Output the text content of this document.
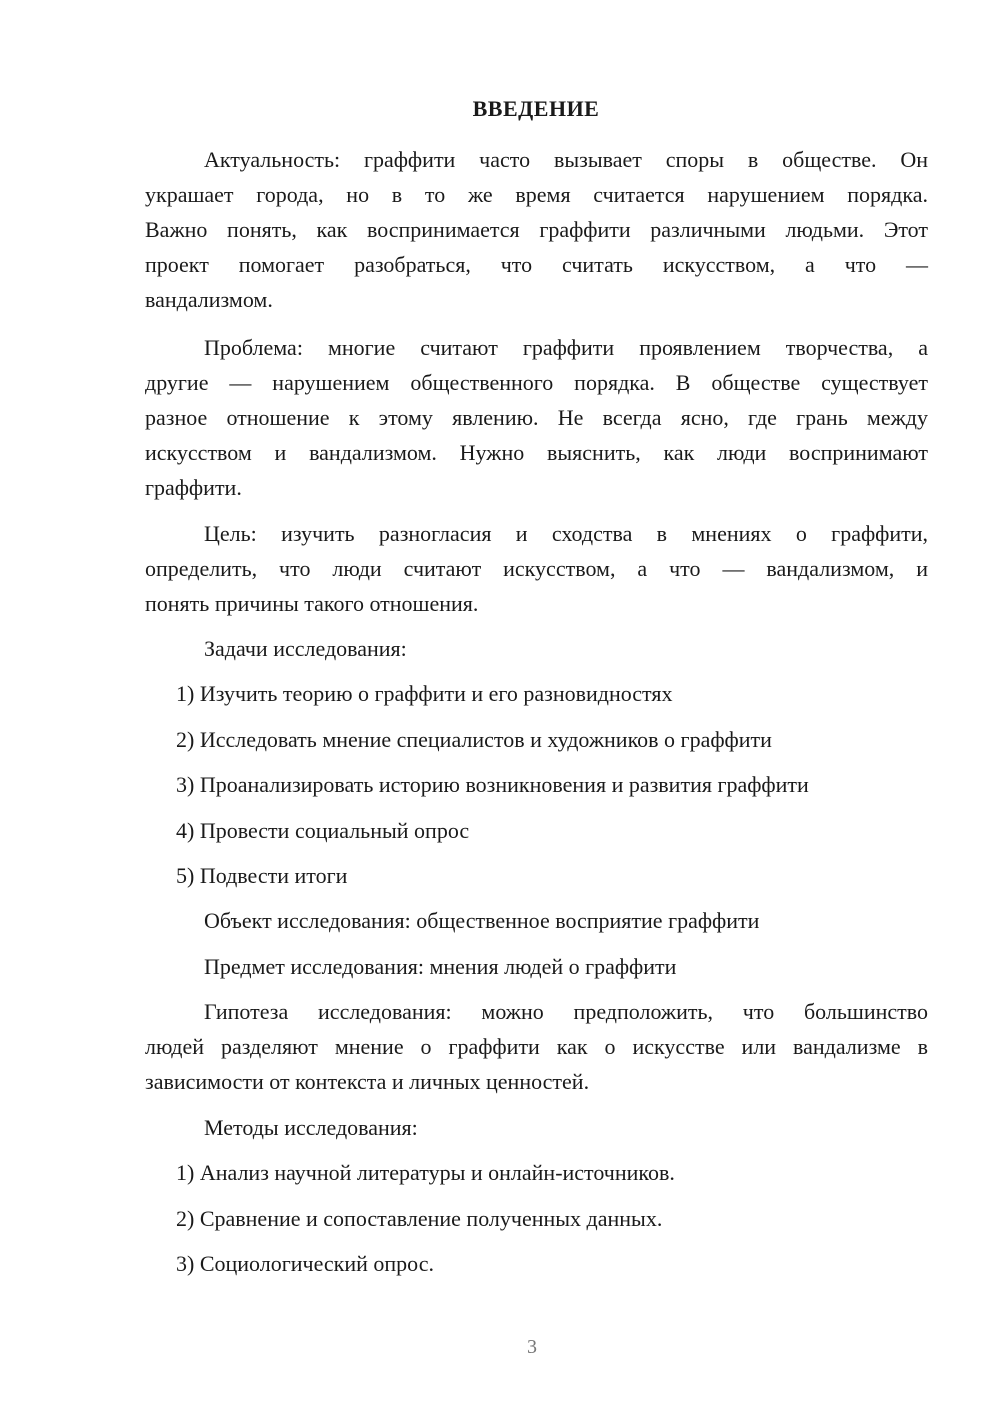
ВВЕДЕНИЕ
Актуальность: граффити часто вызывает споры в обществе. Он
украшает города, но в то же время считается нарушением порядка.
Важно понять, как воспринимается граффити различными людьми. Этот
проект помогает разобраться, что считать искусством, а что —
вандализмом.
Проблема: многие считают граффити проявлением творчества, а
другие — нарушением общественного порядка. В обществе существует
разное отношение к этому явлению. Не всегда ясно, где грань между
искусством и вандализмом. Нужно выяснить, как люди воспринимают
граффити.
Цель: изучить разногласия и сходства в мнениях о граффити,
определить, что люди считают искусством, а что — вандализмом, и
понять причины такого отношения.
Задачи исследования:
1) Изучить теорию о граффити и его разновидностях
2) Исследовать мнение специалистов и художников о граффити
3) Проанализировать историю возникновения и развития граффити
4) Провести социальный опрос
5) Подвести итоги
Объект исследования: общественное восприятие граффити
Предмет исследования: мнения людей о граффити
Гипотеза исследования: можно предположить, что большинство
людей разделяют мнение о граффити как о искусстве или вандализме в
зависимости от контекста и личных ценностей.
Методы исследования:
1) Анализ научной литературы и онлайн-источников.
2) Сравнение и сопоставление полученных данных.
3) Социологический опрос.
3
